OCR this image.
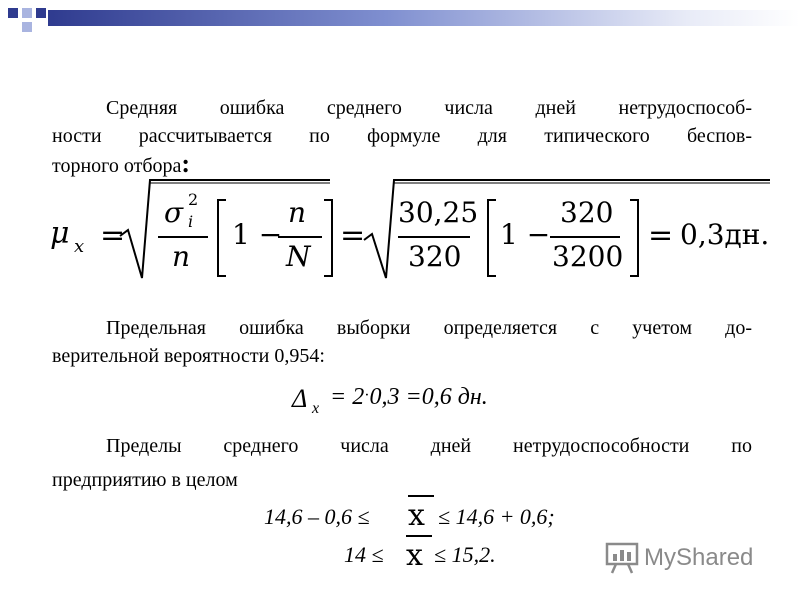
Средняя ошибка среднего числа дней нетрудоспособ-
ности рассчитывается по формуле для типического беспов-
торного отбора:
μ x =
σ 2
i
n
1 −
n
N
=
30,25
320
1 −
320
3200
= 0,3дн.
Предельная ошибка выборки определяется с учетом до-
верительной вероятности 0,954:
Δ x = 2·0,3 =0,6 дн.
Пределы среднего числа дней нетрудоспособности по
предприятию в целом
14,6 – 0,6 ≤ x ≤ 14,6 + 0,6;
14 ≤ x ≤ 15,2.	MyShared
